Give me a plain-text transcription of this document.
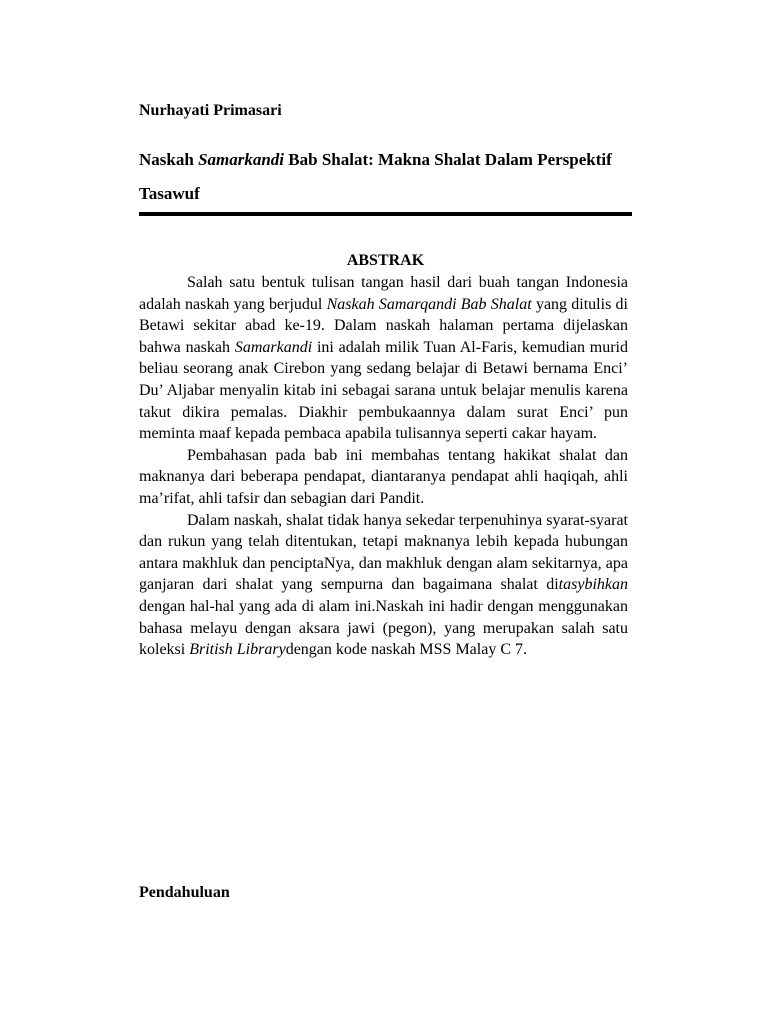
Nurhayati Primasari
Naskah Samarkandi Bab Shalat: Makna Shalat Dalam Perspektif Tasawuf
ABSTRAK

Salah satu bentuk tulisan tangan hasil dari buah tangan Indonesia adalah naskah yang berjudul Naskah Samarqandi Bab Shalat yang ditulis di Betawi sekitar abad ke-19. Dalam naskah halaman pertama dijelaskan bahwa naskah Samarkandi ini adalah milik Tuan Al-Faris, kemudian murid beliau seorang anak Cirebon yang sedang belajar di Betawi bernama Enci’ Du’ Aljabar menyalin kitab ini sebagai sarana untuk belajar menulis karena takut dikira pemalas. Diakhir pembukaannya dalam surat Enci’ pun meminta maaf kepada pembaca apabila tulisannya seperti cakar hayam.

Pembahasan pada bab ini membahas tentang hakikat shalat dan maknanya dari beberapa pendapat, diantaranya pendapat ahli haqiqah, ahli ma’rifat, ahli tafsir dan sebagian dari Pandit.

Dalam naskah, shalat tidak hanya sekedar terpenuhinya syarat-syarat dan rukun yang telah ditentukan, tetapi maknanya lebih kepada hubungan antara makhluk dan penciptaNya, dan makhluk dengan alam sekitarnya, apa ganjaran dari shalat yang sempurna dan bagaimana shalat ditasybihkan dengan hal-hal yang ada di alam ini.Naskah ini hadir dengan menggunakan bahasa melayu dengan aksara jawi (pegon), yang merupakan salah satu koleksi British Librarydengan kode naskah MSS Malay C 7.

Pendahuluan
